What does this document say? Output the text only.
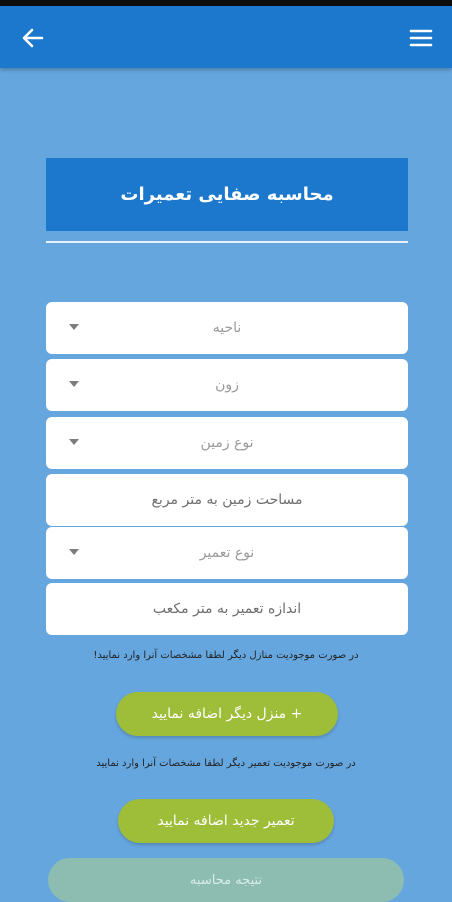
محاسبه صفایی تعمیرات
ناحیه
زون
نوع زمین
مساحت زمین به متر مربع
نوع تعمیر
اندازه تعمیر به متر مکعب
در صورت موجودیت منازل دیگر لطفا مشخصات آنرا وارد نمایید!
+ منزل دیگر اضافه نمایید
در صورت موجودیت تعمیر دیگر لطفا مشخصات آنرا وارد نمایید
تعمیر جدید اضافه نمایید
نتیجه محاسبه
